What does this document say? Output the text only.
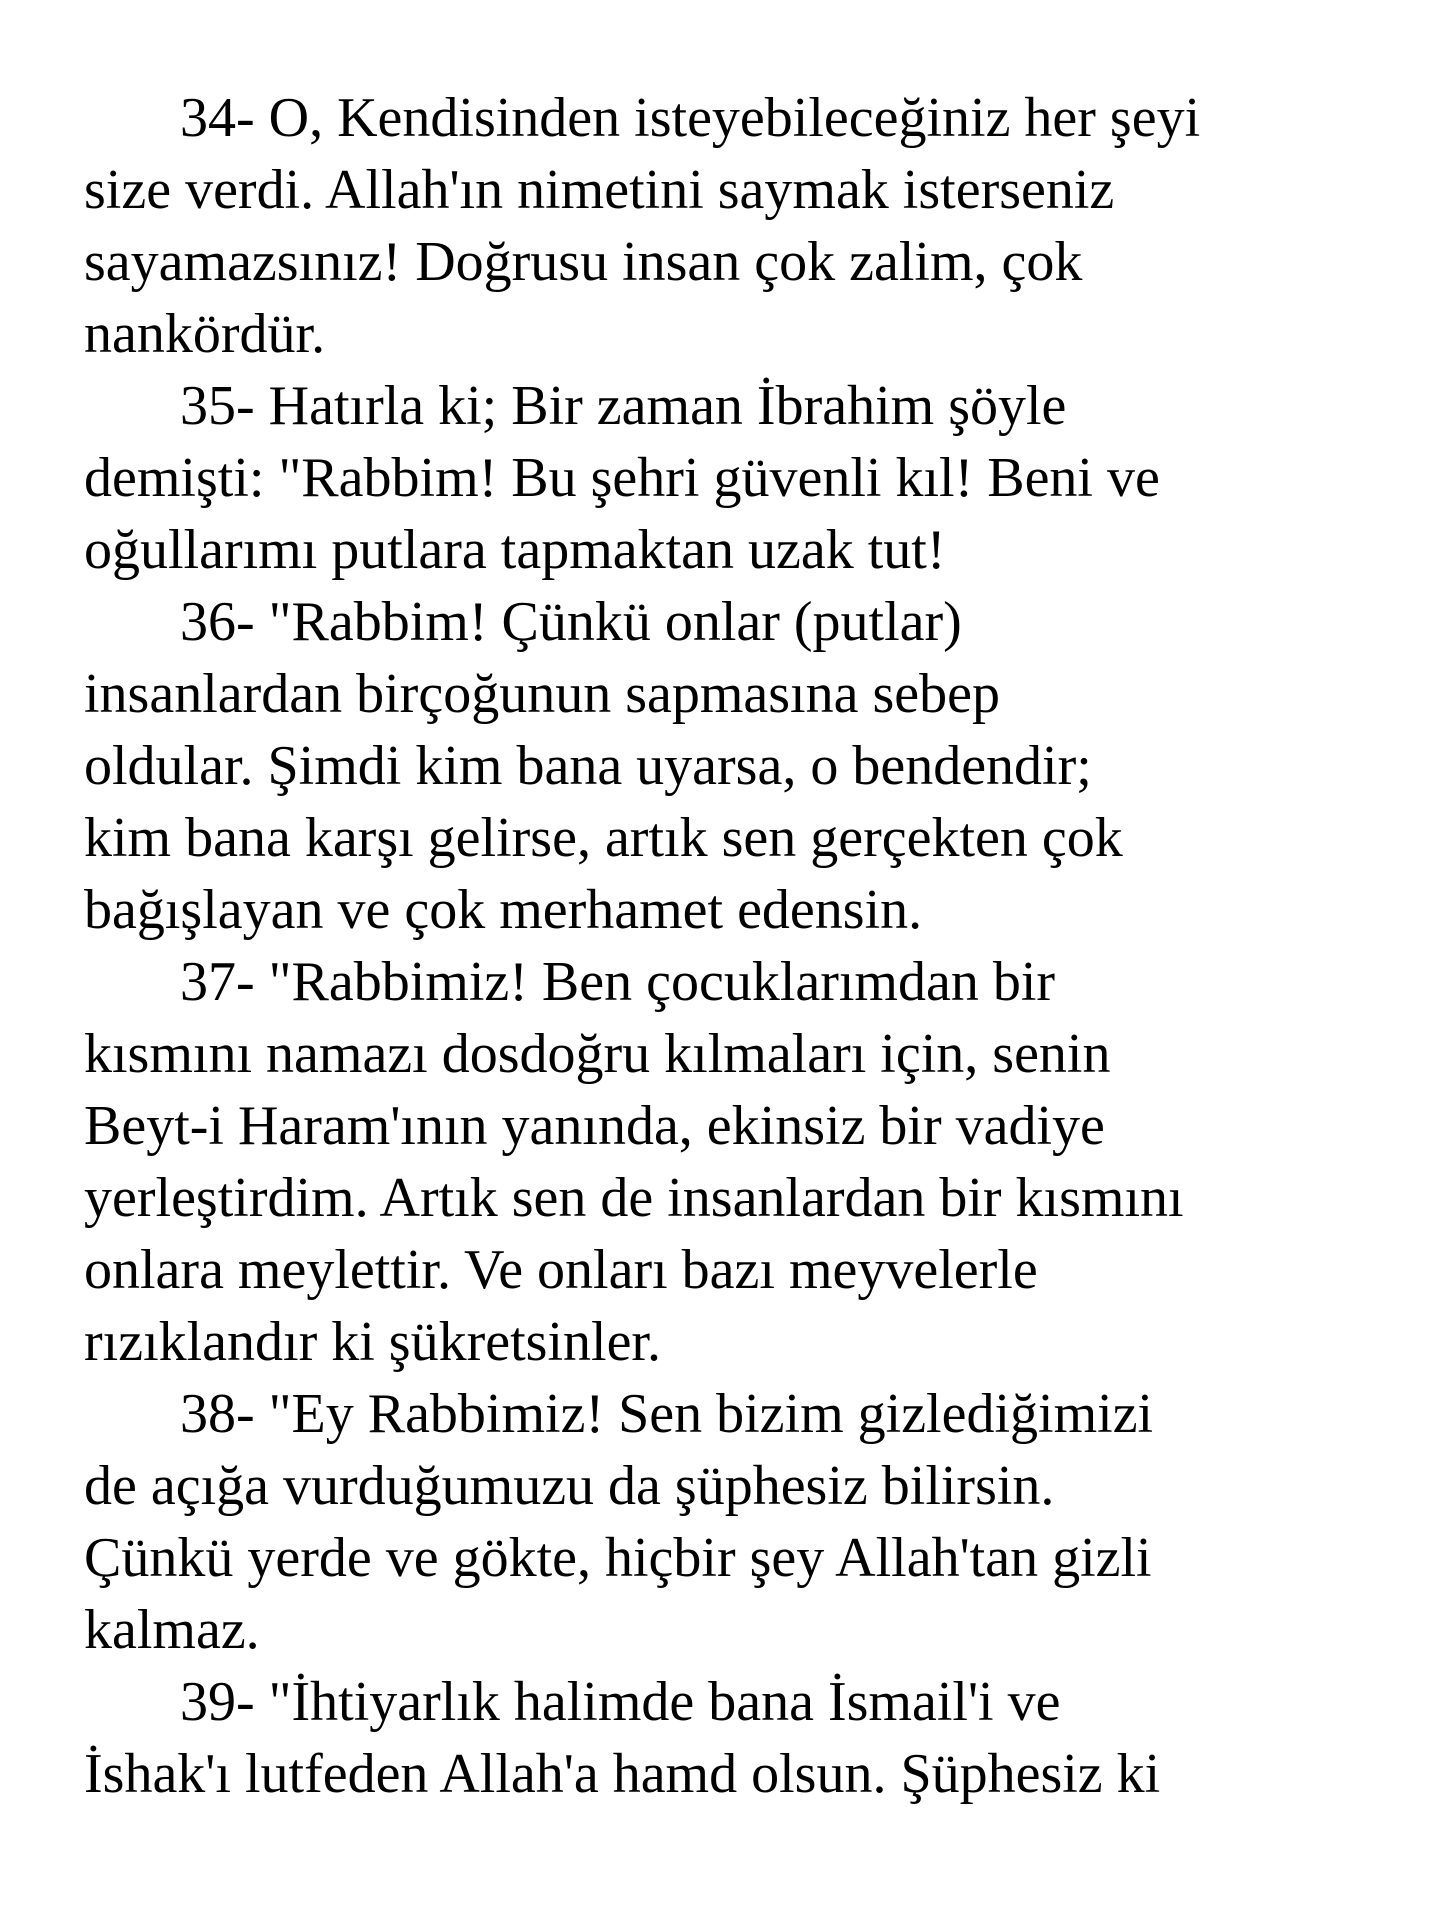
34- O, Kendisinden isteyebileceğiniz her şeyi
size verdi. Allah'ın nimetini saymak isterseniz
sayamazsınız! Doğrusu insan çok zalim, çok
nankördür.
35- Hatırla ki; Bir zaman İbrahim şöyle
demişti: "Rabbim! Bu şehri güvenli kıl! Beni ve
oğullarımı putlara tapmaktan uzak tut!
36- "Rabbim! Çünkü onlar (putlar)
insanlardan birçoğunun sapmasına sebep
oldular. Şimdi kim bana uyarsa, o bendendir;
kim bana karşı gelirse, artık sen gerçekten çok
bağışlayan ve çok merhamet edensin.
37- "Rabbimiz! Ben çocuklarımdan bir
kısmını namazı dosdoğru kılmaları için, senin
Beyt-i Haram'ının yanında, ekinsiz bir vadiye
yerleştirdim. Artık sen de insanlardan bir kısmını
onlara meylettir. Ve onları bazı meyvelerle
rızıklandır ki şükretsinler.
38- "Ey Rabbimiz! Sen bizim gizlediğimizi
de açığa vurduğumuzu da şüphesiz bilirsin.
Çünkü yerde ve gökte, hiçbir şey Allah'tan gizli
kalmaz.
39- "İhtiyarlık halimde bana İsmail'i ve
İshak'ı lutfeden Allah'a hamd olsun. Şüphesiz ki
